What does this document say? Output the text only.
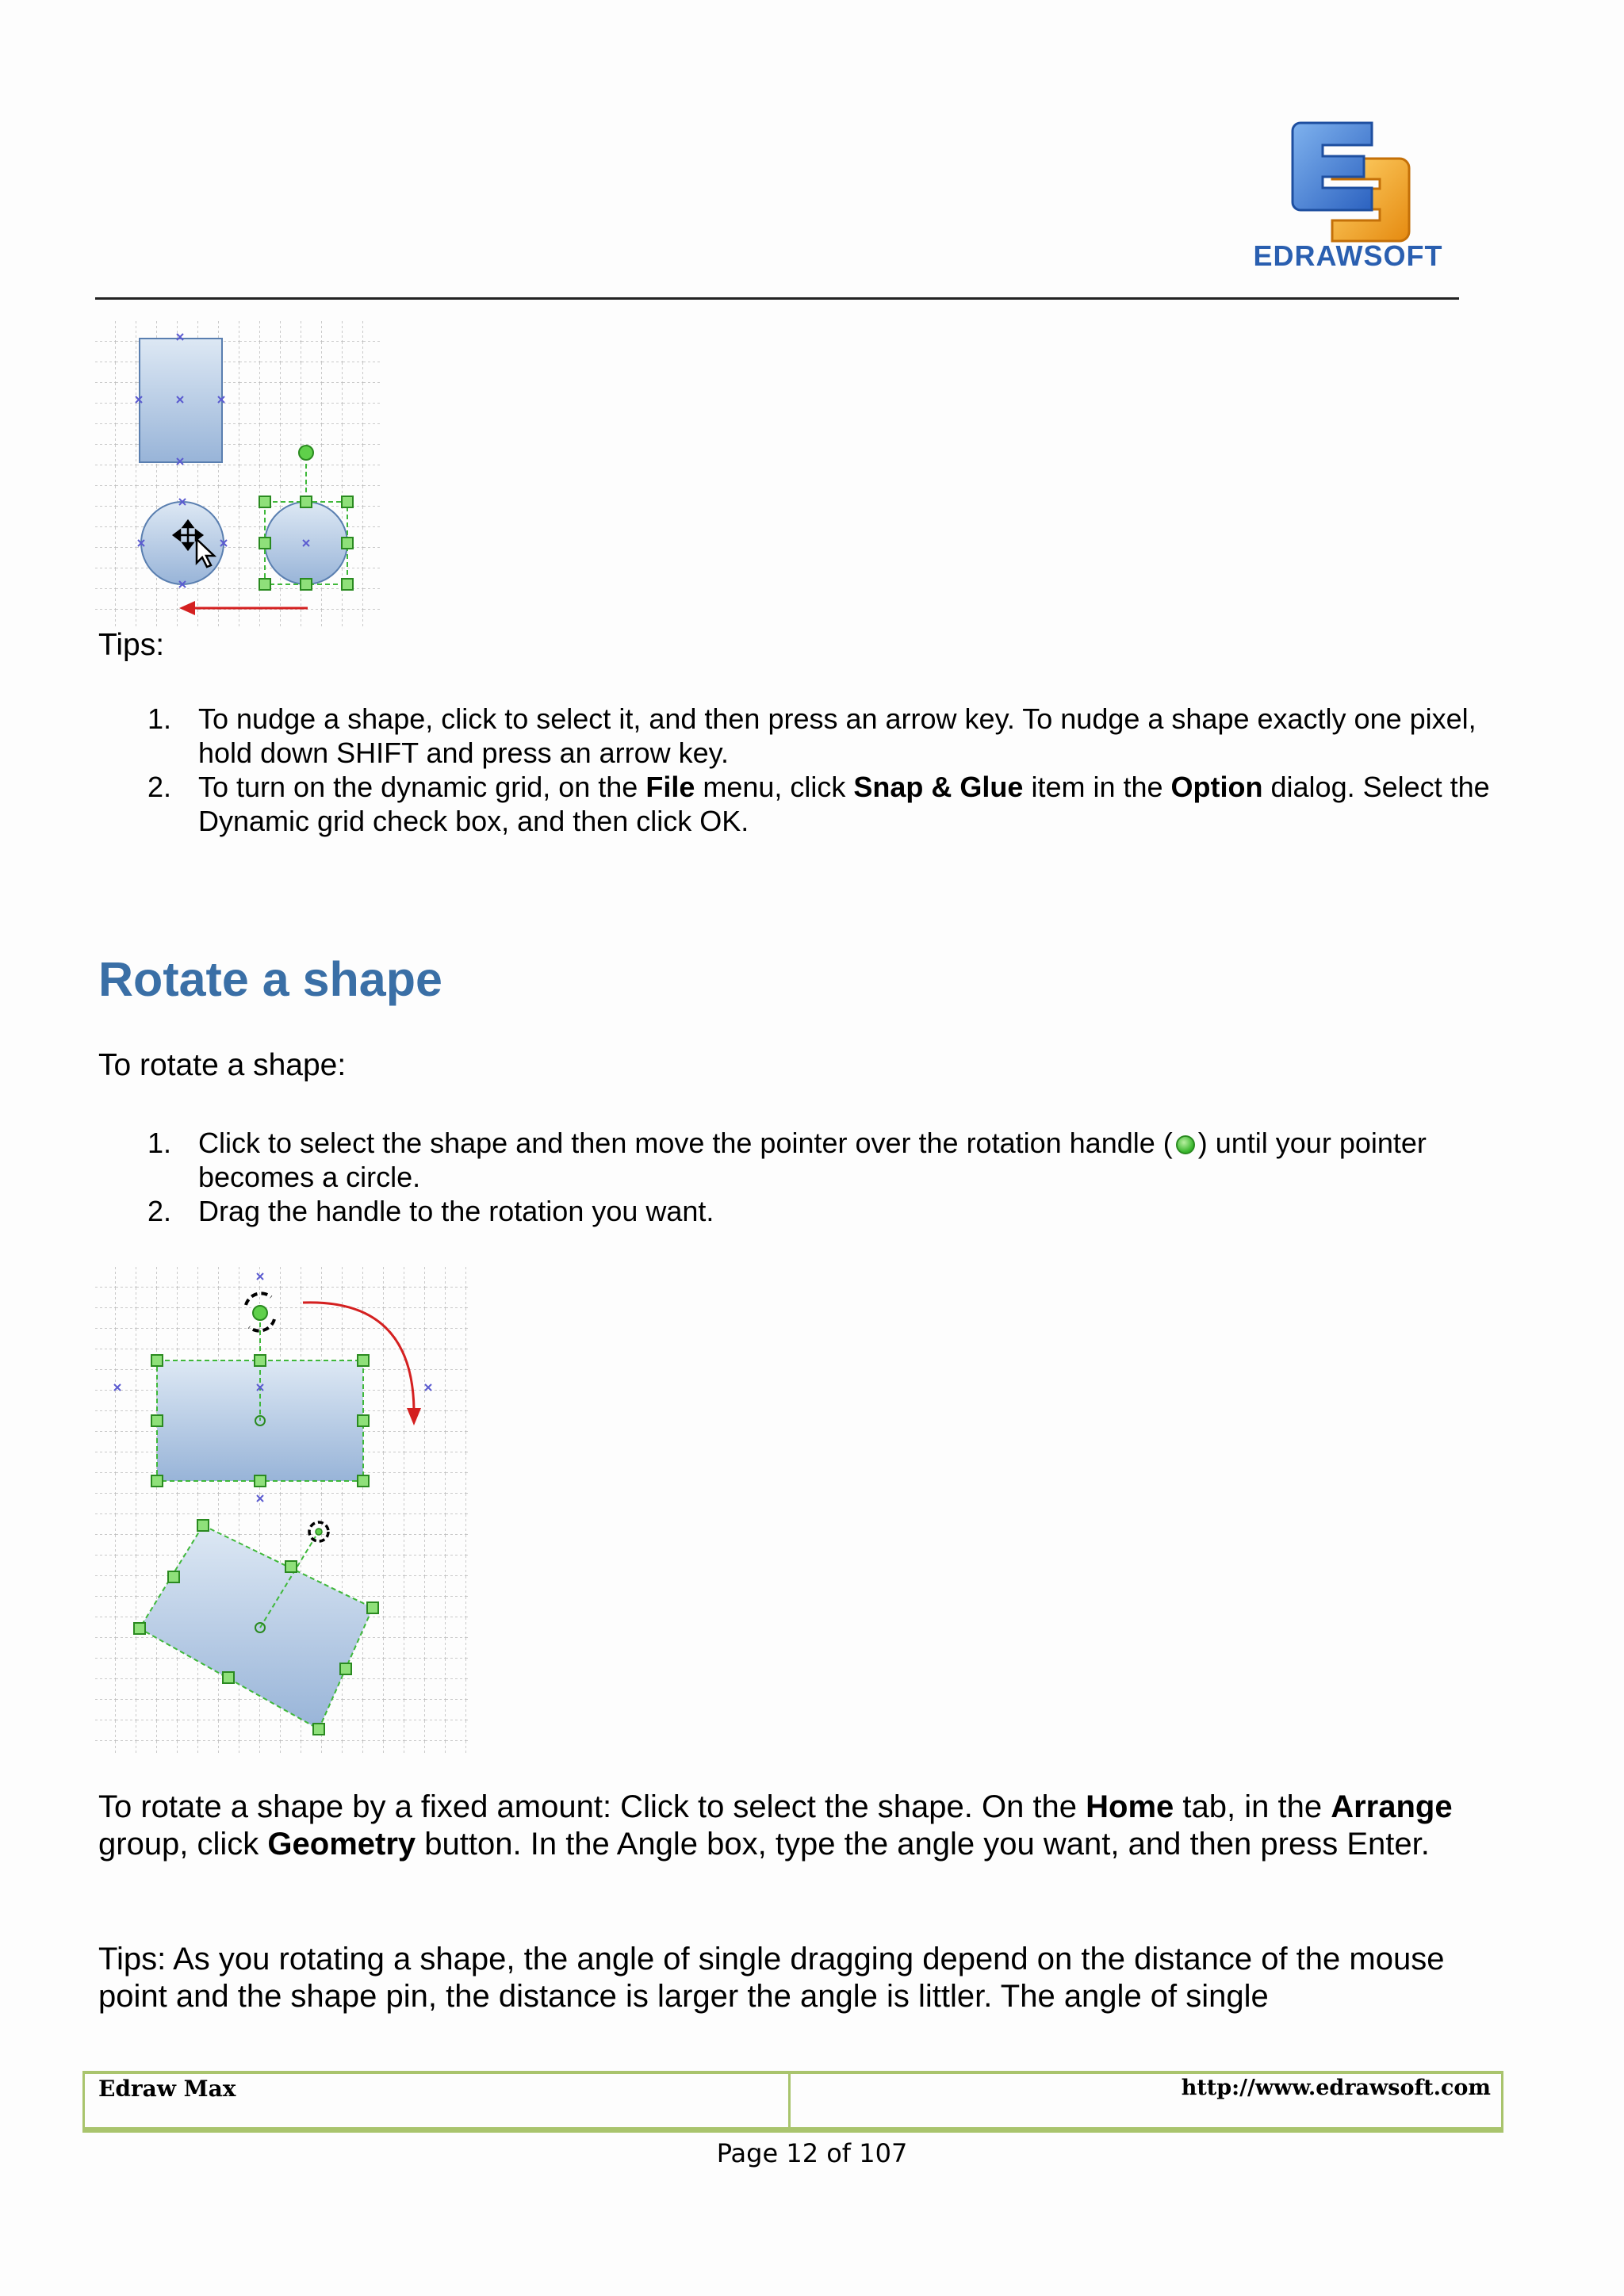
EDRAWSOFT
Tips:
1. To nudge a shape, click to select it, and then press an arrow key. To nudge a shape exactly one pixel, hold down SHIFT and press an arrow key.
2. To turn on the dynamic grid, on the File menu, click Snap & Glue item in the Option dialog. Select the Dynamic grid check box, and then click OK.
Rotate a shape
To rotate a shape:
1. Click to select the shape and then move the pointer over the rotation handle ( ) until your pointer becomes a circle.
2. Drag the handle to the rotation you want.
To rotate a shape by a fixed amount: Click to select the shape. On the Home tab, in the Arrange group, click Geometry button. In the Angle box, type the angle you want, and then press Enter.
Tips: As you rotating a shape, the angle of single dragging depend on the distance of the mouse point and the shape pin, the distance is larger the angle is littler. The angle of single
Edraw Max	http://www.edrawsoft.com
Page 12 of 107
